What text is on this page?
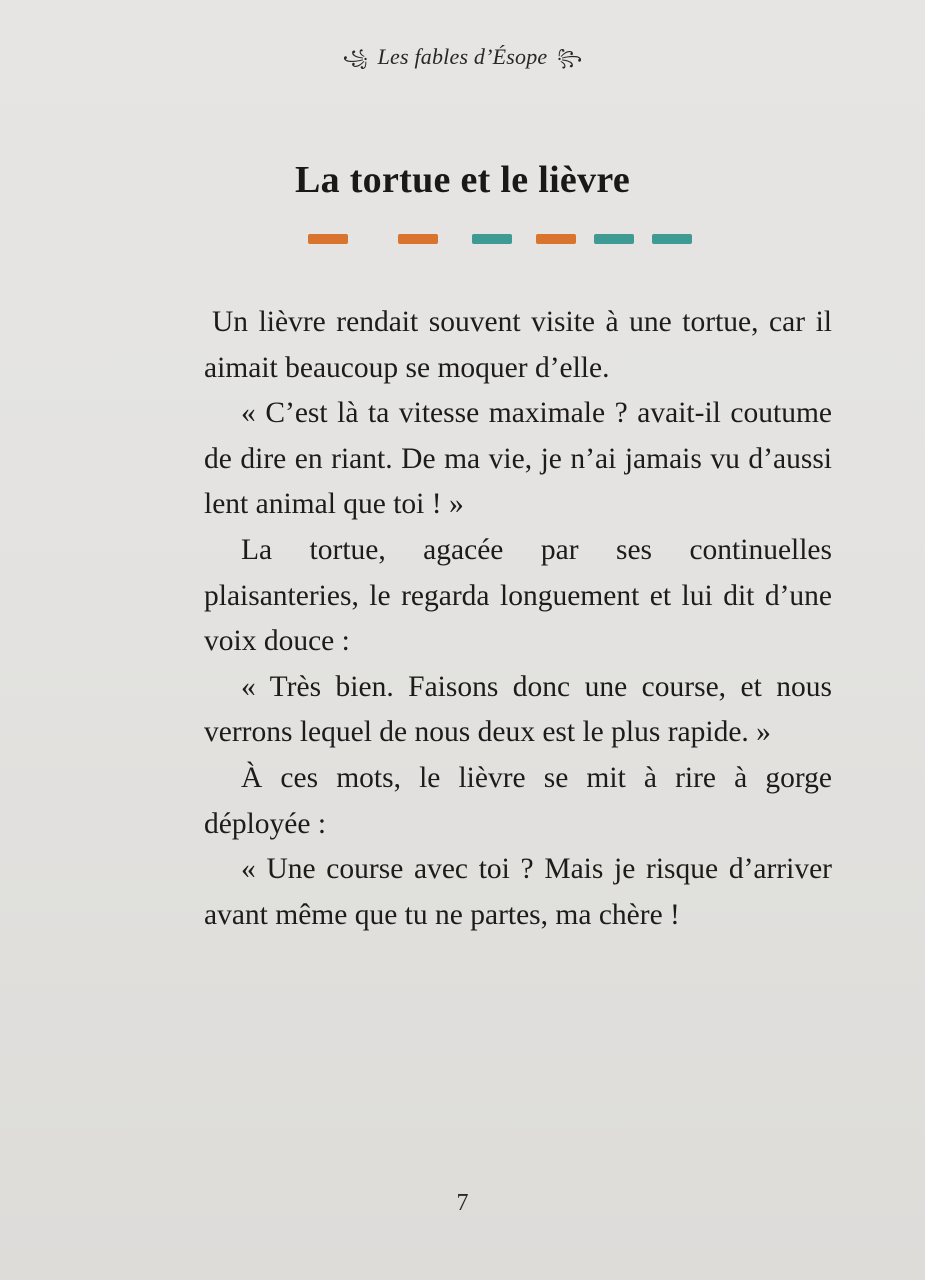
꧁ Les fables d’Ésope ꧂
La tortue et le lièvre

Un lièvre rendait souvent visite à une tortue, car il aimait beaucoup se moquer d’elle.

« C’est là ta vitesse maximale ? avait-il coutume de dire en riant. De ma vie, je n’ai jamais vu d’aussi lent animal que toi ! »

La tortue, agacée par ses continuelles plaisanteries, le regarda longuement et lui dit d’une voix douce :

« Très bien. Faisons donc une course, et nous verrons lequel de nous deux est le plus rapide. »

À ces mots, le lièvre se mit à rire à gorge déployée :

« Une course avec toi ? Mais je risque d’arriver avant même que tu ne partes, ma chère !

7
